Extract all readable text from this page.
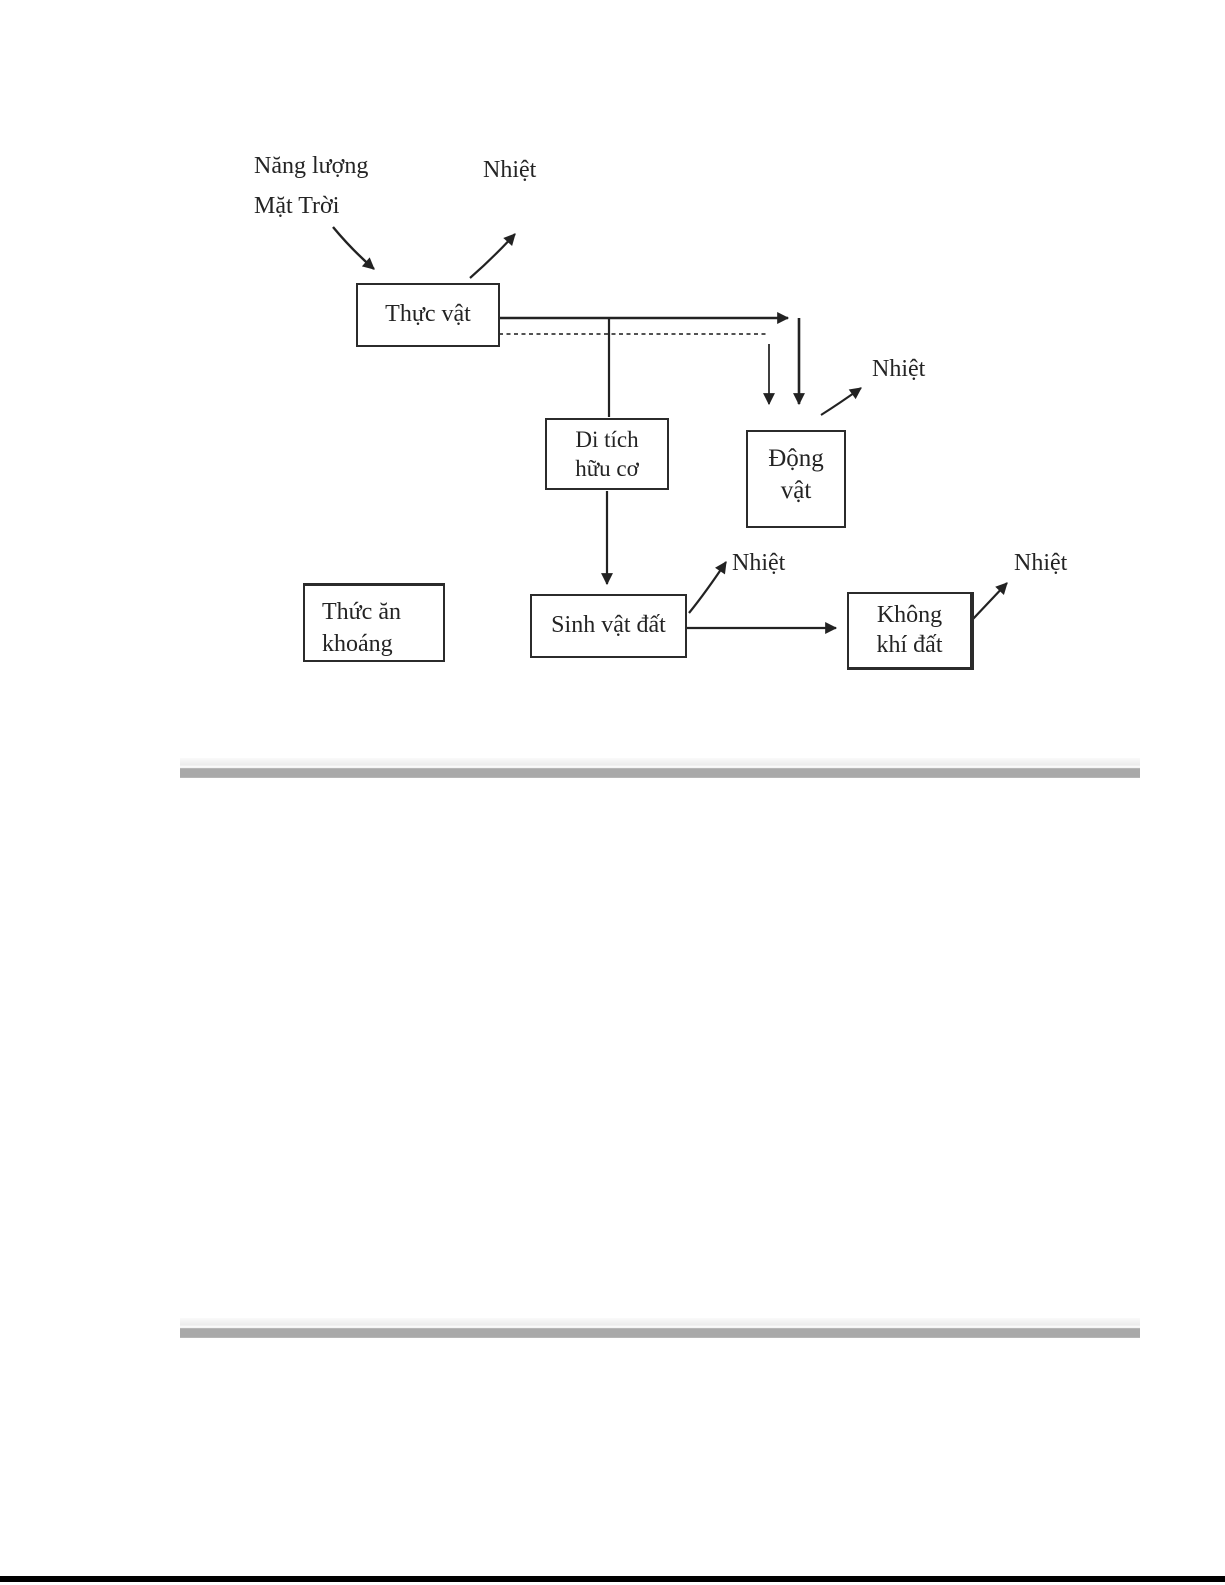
Năng lượng
Mặt Trời
Nhiệt
Nhiệt
Nhiệt	Nhiệt
Thực vật
Di tích
hữu cơ	Động
vật
Thức ăn
khoáng
Sinh vật đất	Không
khí đất
